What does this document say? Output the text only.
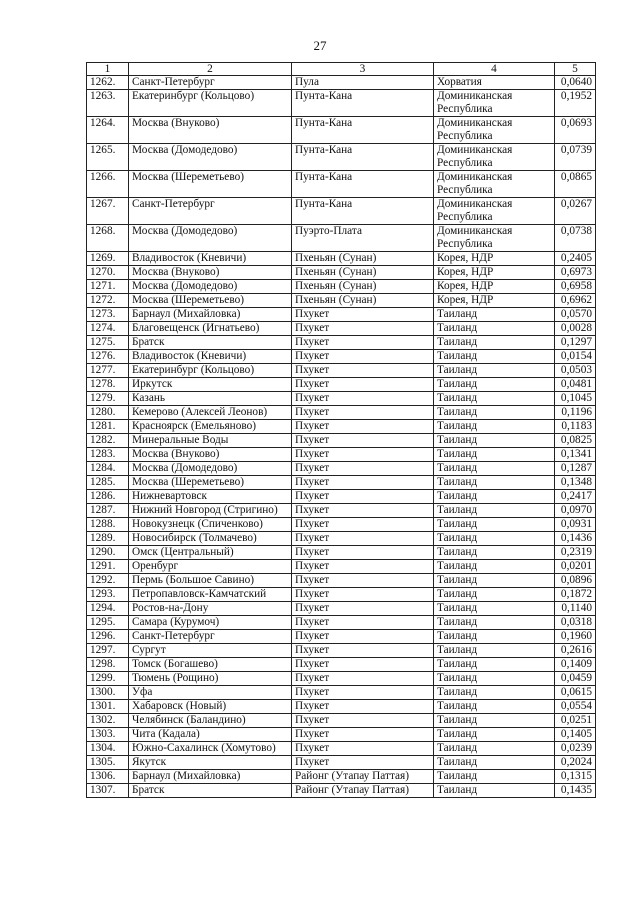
27
1	2	3	4	5
1262.	Санкт-Петербург	Пула	Хорватия	0,0640
1263.	Екатеринбург (Кольцово)	Пунта-Кана	Доминиканская Республика	0,1952
1264.	Москва (Внуково)	Пунта-Кана	Доминиканская Республика	0,0693
1265.	Москва (Домодедово)	Пунта-Кана	Доминиканская Республика	0,0739
1266.	Москва (Шереметьево)	Пунта-Кана	Доминиканская Республика	0,0865
1267.	Санкт-Петербург	Пунта-Кана	Доминиканская Республика	0,0267
1268.	Москва (Домодедово)	Пуэрто-Плата	Доминиканская Республика	0,0738
1269.	Владивосток (Кневичи)	Пхеньян (Сунан)	Корея, НДР	0,2405
1270.	Москва (Внуково)	Пхеньян (Сунан)	Корея, НДР	0,6973
1271.	Москва (Домодедово)	Пхеньян (Сунан)	Корея, НДР	0,6958
1272.	Москва (Шереметьево)	Пхеньян (Сунан)	Корея, НДР	0,6962
1273.	Барнаул (Михайловка)	Пхукет	Таиланд	0,0570
1274.	Благовещенск (Игнатьево)	Пхукет	Таиланд	0,0028
1275.	Братск	Пхукет	Таиланд	0,1297
1276.	Владивосток (Кневичи)	Пхукет	Таиланд	0,0154
1277.	Екатеринбург (Кольцово)	Пхукет	Таиланд	0,0503
1278.	Иркутск	Пхукет	Таиланд	0,0481
1279.	Казань	Пхукет	Таиланд	0,1045
1280.	Кемерово (Алексей Леонов)	Пхукет	Таиланд	0,1196
1281.	Красноярск (Емельяново)	Пхукет	Таиланд	0,1183
1282.	Минеральные Воды	Пхукет	Таиланд	0,0825
1283.	Москва (Внуково)	Пхукет	Таиланд	0,1341
1284.	Москва (Домодедово)	Пхукет	Таиланд	0,1287
1285.	Москва (Шереметьево)	Пхукет	Таиланд	0,1348
1286.	Нижневартовск	Пхукет	Таиланд	0,2417
1287.	Нижний Новгород (Стригино)	Пхукет	Таиланд	0,0970
1288.	Новокузнецк (Спиченково)	Пхукет	Таиланд	0,0931
1289.	Новосибирск (Толмачево)	Пхукет	Таиланд	0,1436
1290.	Омск (Центральный)	Пхукет	Таиланд	0,2319
1291.	Оренбург	Пхукет	Таиланд	0,0201
1292.	Пермь (Большое Савино)	Пхукет	Таиланд	0,0896
1293.	Петропавловск-Камчатский	Пхукет	Таиланд	0,1872
1294.	Ростов-на-Дону	Пхукет	Таиланд	0,1140
1295.	Самара (Курумоч)	Пхукет	Таиланд	0,0318
1296.	Санкт-Петербург	Пхукет	Таиланд	0,1960
1297.	Сургут	Пхукет	Таиланд	0,2616
1298.	Томск (Богашево)	Пхукет	Таиланд	0,1409
1299.	Тюмень (Рощино)	Пхукет	Таиланд	0,0459
1300.	Уфа	Пхукет	Таиланд	0,0615
1301.	Хабаровск (Новый)	Пхукет	Таиланд	0,0554
1302.	Челябинск (Баландино)	Пхукет	Таиланд	0,0251
1303.	Чита (Кадала)	Пхукет	Таиланд	0,1405
1304.	Южно-Сахалинск (Хомутово)	Пхукет	Таиланд	0,0239
1305.	Якутск	Пхукет	Таиланд	0,2024
1306.	Барнаул (Михайловка)	Районг (Утапау Паттая)	Таиланд	0,1315
1307.	Братск	Районг (Утапау Паттая)	Таиланд	0,1435
